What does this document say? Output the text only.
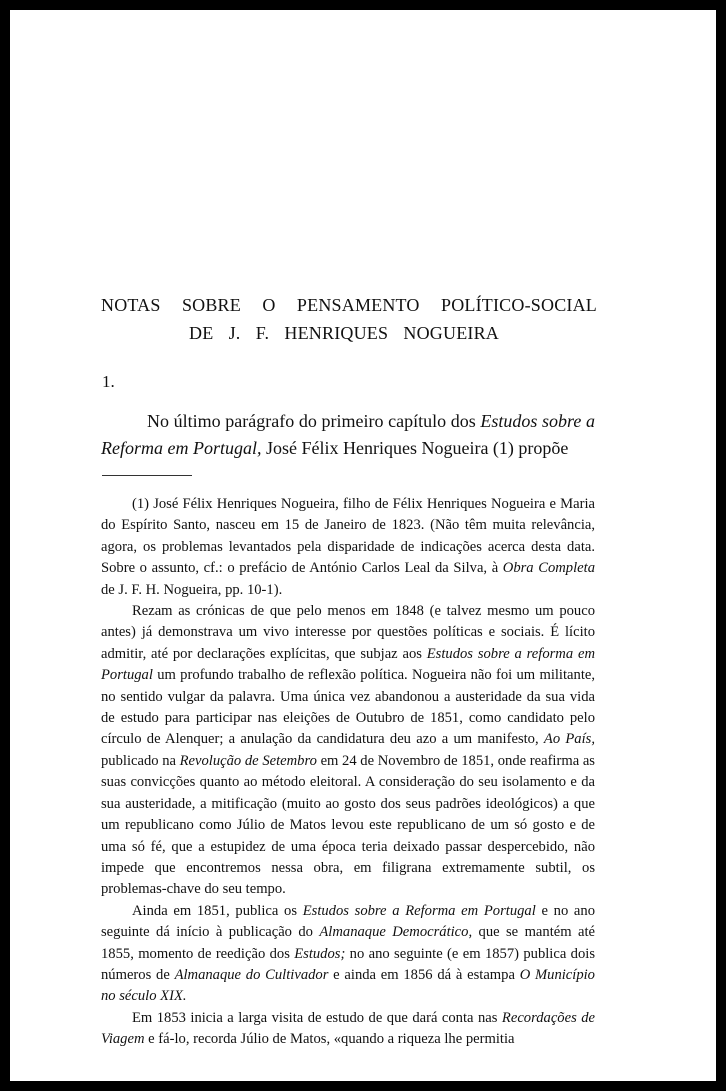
NOTAS SOBRE O PENSAMENTO POLÍTICO-SOCIAL
DE J. F. HENRIQUES NOGUEIRA
1.

No último parágrafo do primeiro capítulo dos Estudos sobre a Reforma em Portugal, José Félix Henriques Nogueira (1) propõe

(1) José Félix Henriques Nogueira, filho de Félix Henriques Nogueira e Maria do Espírito Santo, nasceu em 15 de Janeiro de 1823. (Não têm muita relevância, agora, os problemas levantados pela disparidade de indicações acerca desta data. Sobre o assunto, cf.: o prefácio de António Carlos Leal da Silva, à Obra Completa de J. F. H. Nogueira, pp. 10-1).

Rezam as crónicas de que pelo menos em 1848 (e talvez mesmo um pouco antes) já demonstrava um vivo interesse por questões políticas e sociais. É lícito admitir, até por declarações explícitas, que subjaz aos Estudos sobre a reforma em Portugal um profundo trabalho de reflexão política. Nogueira não foi um militante, no sentido vulgar da palavra. Uma única vez abandonou a austeridade da sua vida de estudo para participar nas eleições de Outubro de 1851, como candidato pelo círculo de Alenquer; a anulação da candidatura deu azo a um manifesto, Ao País, publicado na Revolução de Setembro em 24 de Novembro de 1851, onde reafirma as suas convicções quanto ao método eleitoral. A consideração do seu isolamento e da sua austeridade, a mitificação (muito ao gosto dos seus padrões ideológicos) a que um republicano como Júlio de Matos levou este republicano de um só gosto e de uma só fé, que a estupidez de uma época teria deixado passar despercebido, não impede que encontremos nessa obra, em filigrana extremamente subtil, os problemas-chave do seu tempo.

Ainda em 1851, publica os Estudos sobre a Reforma em Portugal e no ano seguinte dá início à publicação do Almanaque Democrático, que se mantém até 1855, momento de reedição dos Estudos; no ano seguinte (e em 1857) publica dois números de Almanaque do Cultivador e ainda em 1856 dá à estampa O Município no século XIX.

Em 1853 inicia a larga visita de estudo de que dará conta nas Recordações de Viagem e fá-lo, recorda Júlio de Matos, «quando a riqueza lhe permitia
